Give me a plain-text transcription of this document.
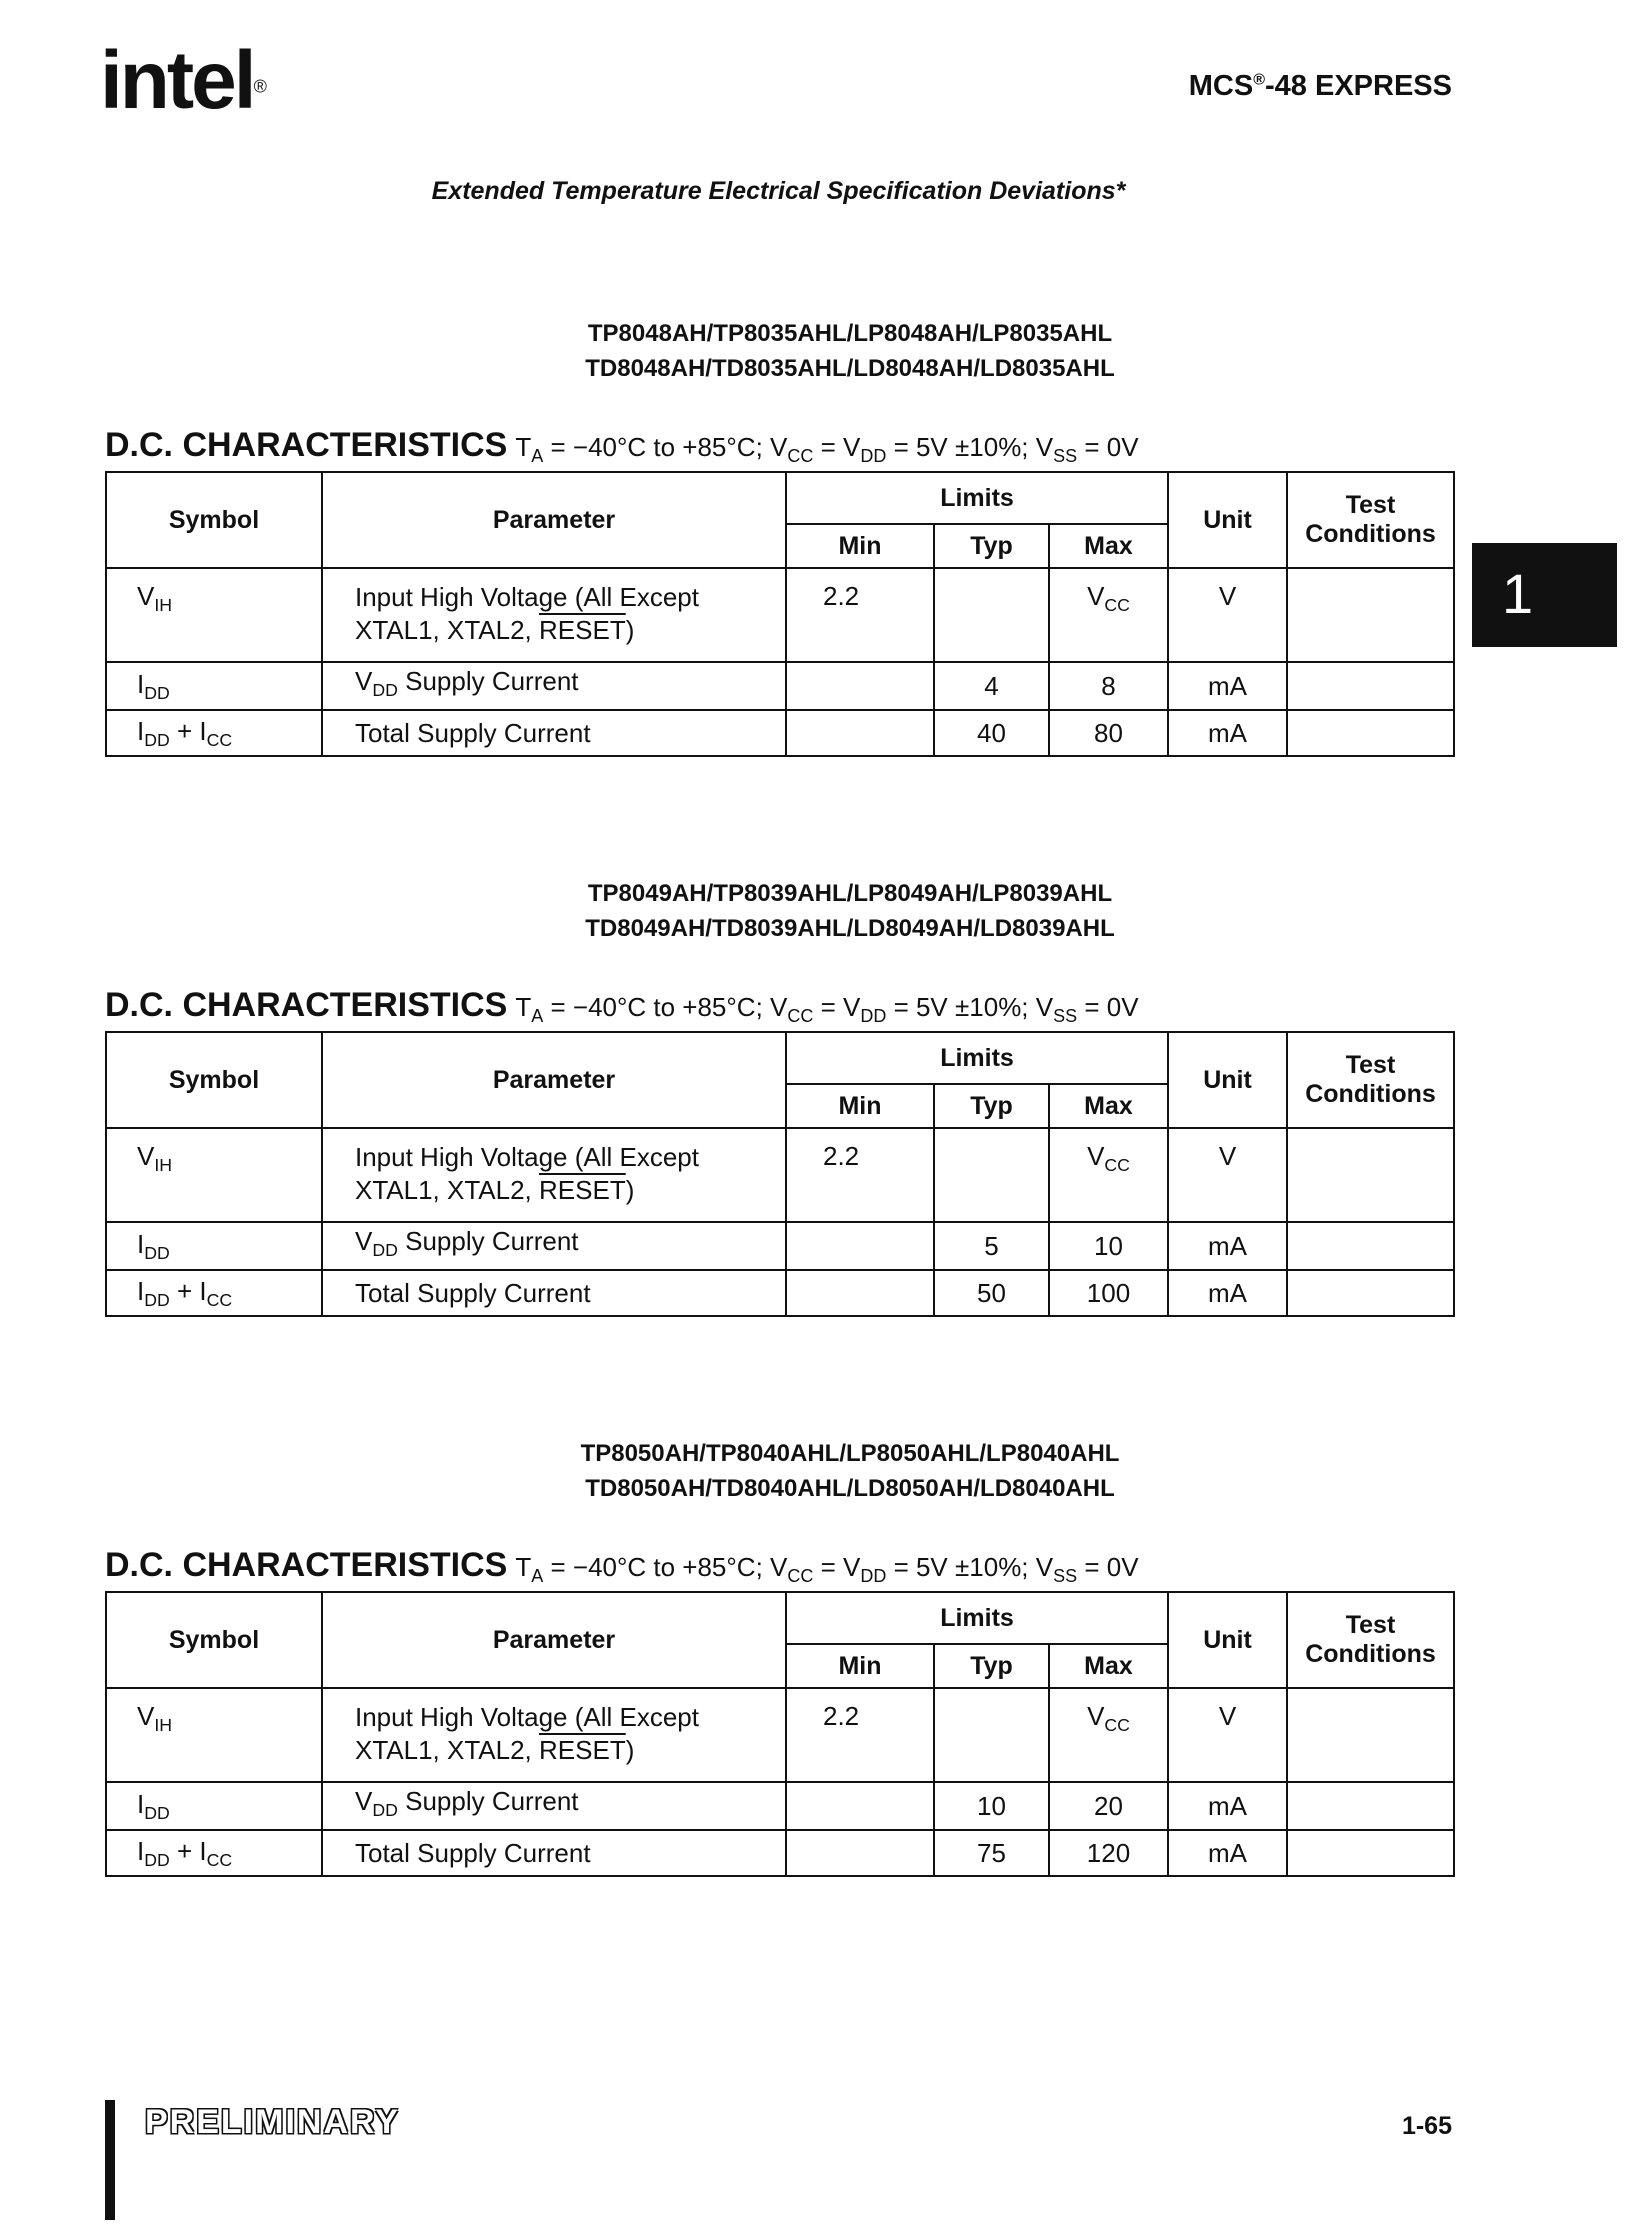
intel®	MCS®-48 EXPRESS
Extended Temperature Electrical Specification Deviations*
1
TP8048AH/TP8035AHL/LP8048AH/LP8035AHL
TD8048AH/TD8035AHL/LD8048AH/LD8035AHL
D.C. CHARACTERISTICS $T_A = -40^\circ C$ to +85°C; $V_{CC} = V_{DD} = 5V \pm 10\%$; $V_{SS} = 0V$
Symbol	Parameter	Limits			Unit	Test Conditions
		Min	Typ	Max		
$V_{IH}$	Input High Voltage (All Except
XTAL1, XTAL2, RESET)	2.2		$V_{CC}$	V	
$I_{DD}$	$V_{DD}$ Supply Current		4	8	mA	
$I_{DD} + I_{CC}$	Total Supply Current		40	80	mA	
TP8049AH/TP8039AHL/LP8049AH/LP8039AHL
TD8049AH/TD8039AHL/LD8049AH/LD8039AHL
D.C. CHARACTERISTICS $T_A = -40^\circ C$ to +85°C; $V_{CC} = V_{DD} = 5V \pm 10\%$; $V_{SS} = 0V$
Symbol	Parameter	Limits			Unit	Test Conditions
		Min	Typ	Max		
$V_{IH}$	Input High Voltage (All Except
XTAL1, XTAL2, RESET)	2.2		$V_{CC}$	V	
$I_{DD}$	$V_{DD}$ Supply Current		5	10	mA	
$I_{DD} + I_{CC}$	Total Supply Current		50	100	mA	
TP8050AH/TP8040AHL/LP8050AHL/LP8040AHL
TD8050AH/TD8040AHL/LD8050AH/LD8040AHL
D.C. CHARACTERISTICS $T_A = -40^\circ C$ to +85°C; $V_{CC} = V_{DD} = 5V \pm 10\%$; $V_{SS} = 0V$
Symbol	Parameter	Limits			Unit	Test Conditions
		Min	Typ	Max		
$V_{IH}$	Input High Voltage (All Except
XTAL1, XTAL2, RESET)	2.2		$V_{CC}$	V	
$I_{DD}$	$V_{DD}$ Supply Current		10	20	mA	
$I_{DD} + I_{CC}$	Total Supply Current		75	120	mA	
PRELIMINARY	1-65
